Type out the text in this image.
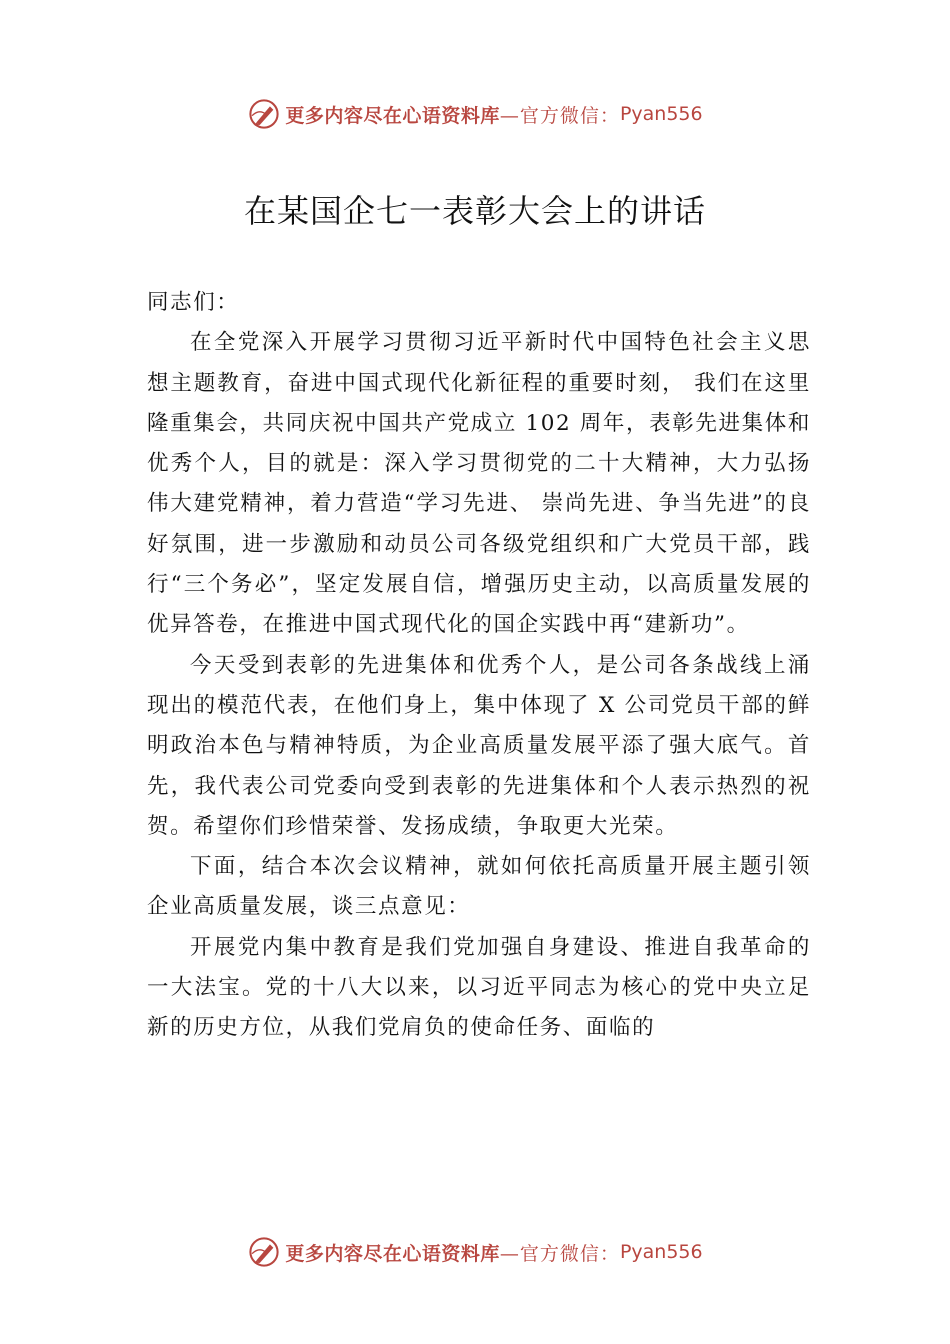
更多内容尽在心语资料库 —官方微信： Pyan556
在某国企七一表彰大会上的讲话

同志们：

在全党深入开展学习贯彻习近平新时代中国特色社会主义思想主题教育，奋进中国式现代化新征程的重要时刻， 我们在这里隆重集会，共同庆祝中国共产党成立 102 周年，表彰先进集体和优秀个人，目的就是：深入学习贯彻党的二十大精神，大力弘扬伟大建党精神，着力营造“学习先进、 崇尚先进、争当先进”的良好氛围，进一步激励和动员公司各级党组织和广大党员干部，践行“三个务必”，坚定发展自信，增强历史主动，以高质量发展的优异答卷，在推进中国式现代化的国企实践中再“建新功”。

今天受到表彰的先进集体和优秀个人，是公司各条战线上涌现出的模范代表，在他们身上，集中体现了 X 公司党员干部的鲜明政治本色与精神特质，为企业高质量发展平添了强大底气。首先，我代表公司党委向受到表彰的先进集体和个人表示热烈的祝贺。希望你们珍惜荣誉、发扬成绩，争取更大光荣。

下面，结合本次会议精神，就如何依托高质量开展主题引领企业高质量发展，谈三点意见：

开展党内集中教育是我们党加强自身建设、推进自我革命的一大法宝。党的十八大以来，以习近平同志为核心的党中央立足新的历史方位，从我们党肩负的使命任务、面临的

更多内容尽在心语资料库 —官方微信： Pyan556
